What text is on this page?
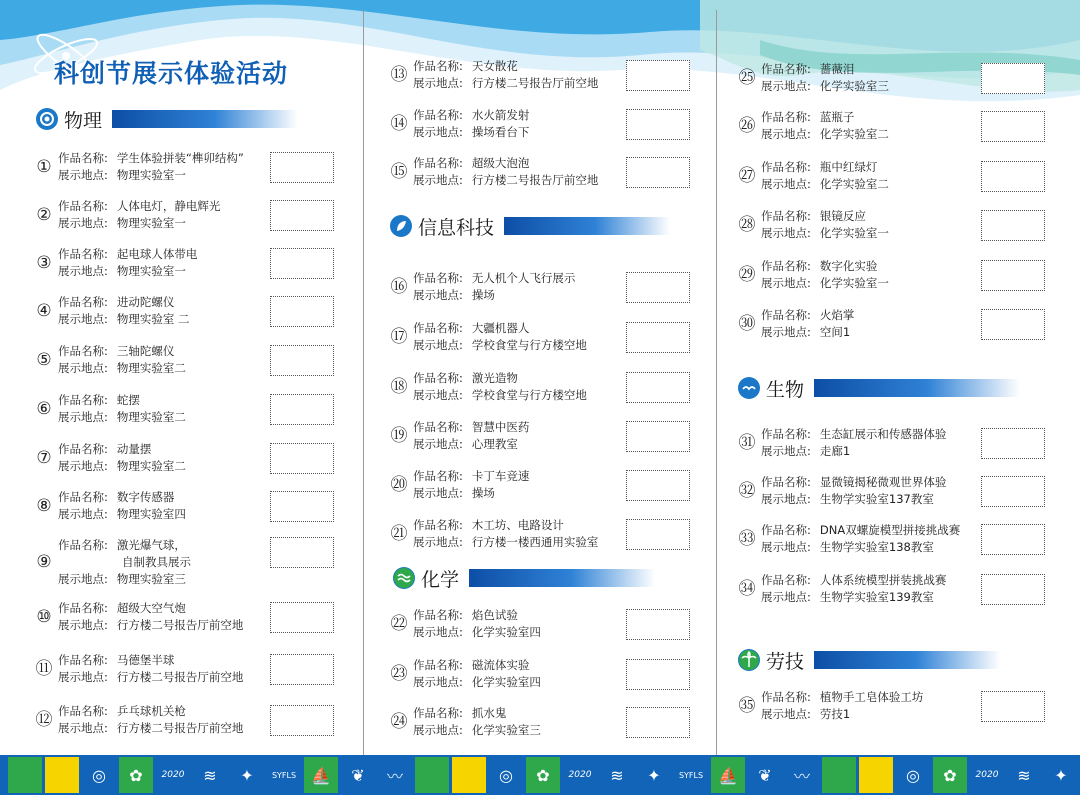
科创节展示体验活动
物理
信息科技
化学
生物
劳技
① 作品名称: 学生体验拼装“榫卯结构”
展示地点: 物理实验室一
② 作品名称: 人体电灯，静电辉光
展示地点: 物理实验室一
③ 作品名称: 起电球人体带电
展示地点: 物理实验室一
④ 作品名称: 进动陀螺仪
展示地点: 物理实验室 二
⑤ 作品名称: 三轴陀螺仪
展示地点: 物理实验室二
⑥ 作品名称: 蛇摆
展示地点: 物理实验室二
⑦ 作品名称: 动量摆
展示地点: 物理实验室二
⑧ 作品名称: 数字传感器
展示地点: 物理实验室四
⑨
作品名称: 激光爆气球，
自制教具展示
展示地点: 物理实验室三
⑩ 作品名称: 超级大空气炮
展示地点: 行方楼二号报告厅前空地
⑪ 作品名称: 马德堡半球
展示地点: 行方楼二号报告厅前空地
⑫ 作品名称: 乒乓球机关枪
展示地点: 行方楼二号报告厅前空地
⑬ 作品名称: 天女散花
展示地点: 行方楼二号报告厅前空地
⑭ 作品名称: 水火箭发射
展示地点: 操场看台下
⑮ 作品名称: 超级大泡泡
展示地点: 行方楼二号报告厅前空地
⑯ 作品名称: 无人机个人飞行展示
展示地点: 操场
⑰ 作品名称: 大疆机器人
展示地点: 学校食堂与行方楼空地
⑱ 作品名称: 激光造物
展示地点: 学校食堂与行方楼空地
⑲ 作品名称: 智慧中医药
展示地点: 心理教室
⑳ 作品名称: 卡丁车竞速
展示地点: 操场
㉑ 作品名称: 木工坊、电路设计
展示地点: 行方楼一楼西通用实验室
㉒ 作品名称: 焰色试验
展示地点: 化学实验室四
㉓ 作品名称: 磁流体实验
展示地点: 化学实验室四
㉔ 作品名称: 抓水鬼
展示地点: 化学实验室三
㉕ 作品名称: 蔷薇泪
展示地点: 化学实验室三
㉖ 作品名称: 蓝瓶子
展示地点: 化学实验室二
㉗ 作品名称: 瓶中红绿灯
展示地点: 化学实验室二
㉘ 作品名称: 银镜反应
展示地点: 化学实验室一
㉙ 作品名称: 数字化实验
展示地点: 化学实验室一
㉚ 作品名称: 火焰掌
展示地点: 空间1
㉛ 作品名称: 生态缸展示和传感器体验
展示地点: 走廊1
㉜ 作品名称: 显微镜揭秘微观世界体验
展示地点: 生物学实验室137教室
㉝ 作品名称: DNA双螺旋模型拼接挑战赛
展示地点: 生物学实验室138教室
㉞ 作品名称: 人体系统模型拼装挑战赛
展示地点: 生物学实验室139教室
㉟ 作品名称: 植物手工皂体验工坊
展示地点: 劳技1
◎	✿	2020	≋	✦	SYFLS ⛵	❦	〰	◎	✿	2020	≋	✦	SYFLS ⛵	❦	〰	◎	✿	2020	≋	✦
